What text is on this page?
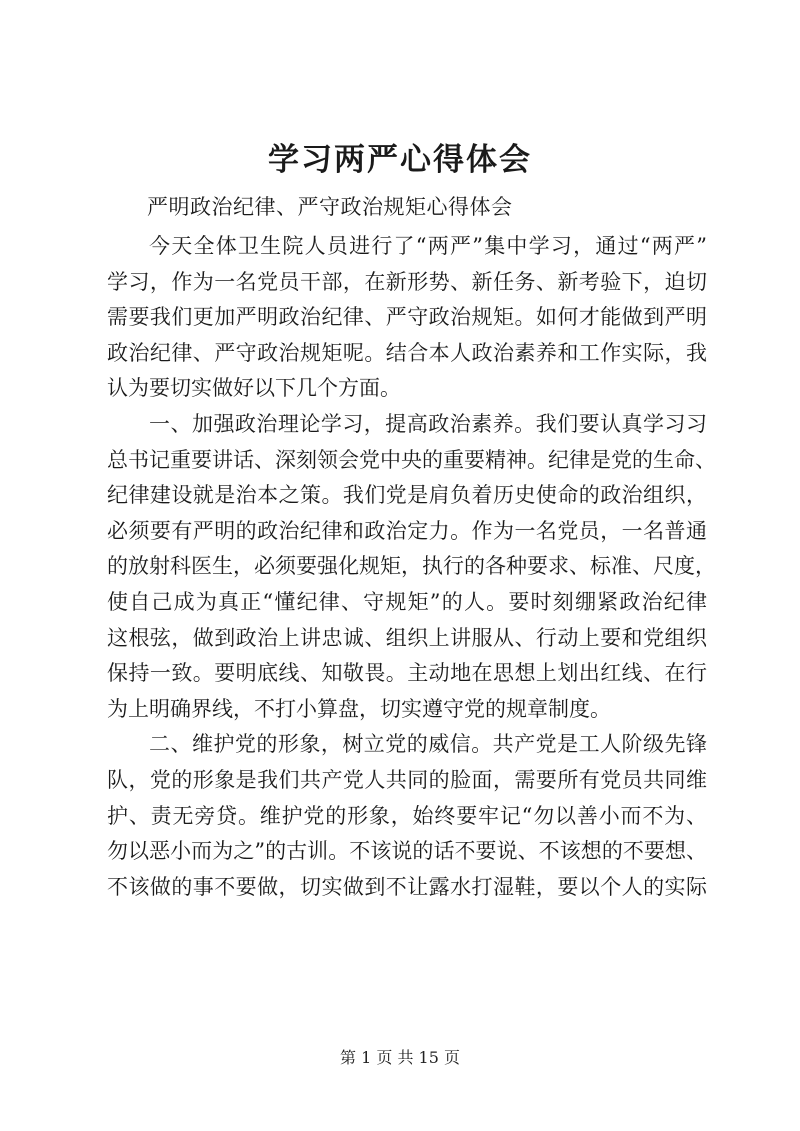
学习两严心得体会
严明政治纪律、严守政治规矩心得体会
今天全体卫生院人员进行了“两严”集中学习，通过“两严”
学习，作为一名党员干部，在新形势、新任务、新考验下，迫切
需要我们更加严明政治纪律、严守政治规矩。如何才能做到严明
政治纪律、严守政治规矩呢。结合本人政治素养和工作实际，我
认为要切实做好以下几个方面。
一、加强政治理论学习，提高政治素养。我们要认真学习习
总书记重要讲话、深刻领会党中央的重要精神。纪律是党的生命、
纪律建设就是治本之策。我们党是肩负着历史使命的政治组织，
必须要有严明的政治纪律和政治定力。作为一名党员，一名普通
的放射科医生，必须要强化规矩，执行的各种要求、标准、尺度，
使自己成为真正“懂纪律、守规矩”的人。要时刻绷紧政治纪律
这根弦，做到政治上讲忠诚、组织上讲服从、行动上要和党组织
保持一致。要明底线、知敬畏。主动地在思想上划出红线、在行
为上明确界线，不打小算盘，切实遵守党的规章制度。
二、维护党的形象，树立党的威信。共产党是工人阶级先锋
队，党的形象是我们共产党人共同的脸面，需要所有党员共同维
护、责无旁贷。维护党的形象，始终要牢记“勿以善小而不为、
勿以恶小而为之”的古训。不该说的话不要说、不该想的不要想、
不该做的事不要做，切实做到不让露水打湿鞋，要以个人的实际
第 1 页 共 15 页
